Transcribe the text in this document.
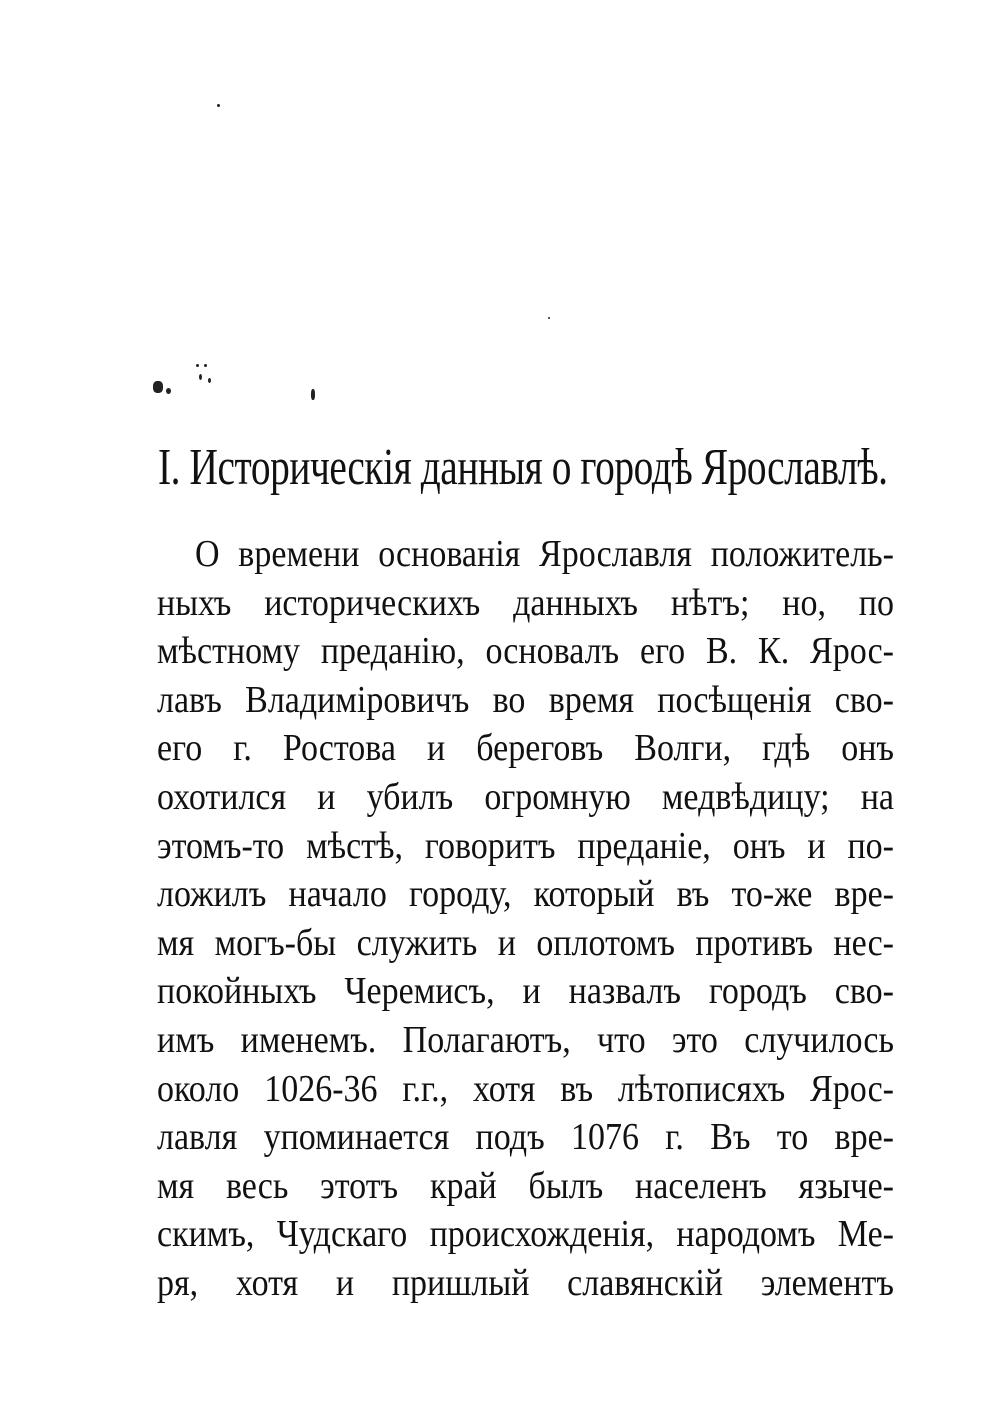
I. Историческія данныя о городѣ Ярославлѣ.
О времени основанія Ярославля положитель-
ныхъ историческихъ данныхъ нѣтъ; но, по
мѣстному преданію, основалъ его В. К. Ярос-
лавъ Владиміровичъ во время посѣщенія сво-
его г. Ростова и береговъ Волги, гдѣ онъ
охотился и убилъ огромную медвѣдицу; на
этомъ-то мѣстѣ, говоритъ преданіе, онъ и по-
ложилъ начало городу, который въ то-же вре-
мя могъ-бы служить и оплотомъ противъ нес-
покойныхъ Черемисъ, и назвалъ городъ сво-
имъ именемъ. Полагаютъ, что это случилось
около 1026-36 г.г., хотя въ лѣтописяхъ Ярос-
лавля упоминается подъ 1076 г. Въ то вре-
мя весь этотъ край былъ населенъ языче-
скимъ, Чудскаго происхожденія, народомъ Ме-
ря, хотя и пришлый славянскій элементъ
